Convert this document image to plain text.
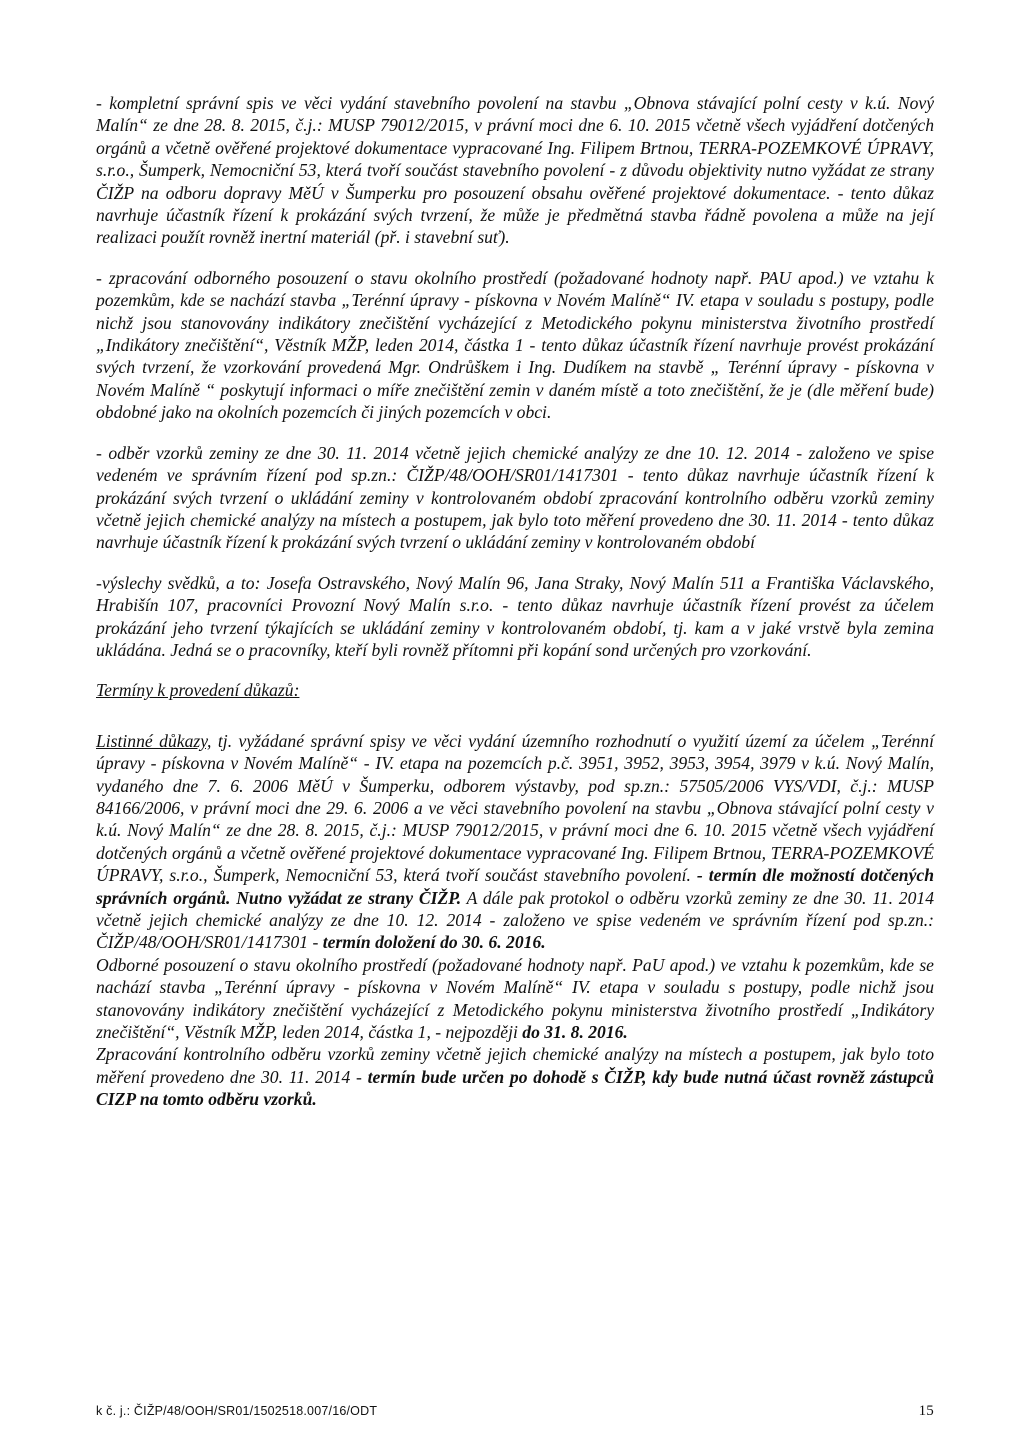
- kompletní správní spis ve věci vydání stavebního povolení na stavbu „Obnova stávající polní cesty v k.ú. Nový Malín“ ze dne 28. 8. 2015, č.j.: MUSP 79012/2015, v právní moci dne 6. 10. 2015 včetně všech vyjádření dotčených orgánů a včetně ověřené projektové dokumentace vypracované Ing. Filipem Brtnou, TERRA-POZEMKOVÉ ÚPRAVY, s.r.o., Šumperk, Nemocniční 53, která tvoří součást stavebního povolení - z důvodu objektivity nutno vyžádat ze strany ČIŽP na odboru dopravy MěÚ v Šumperku pro posouzení obsahu ověřené projektové dokumentace. - tento důkaz navrhuje účastník řízení k prokázání svých tvrzení, že může je předmětná stavba řádně povolena a může na její realizaci použít rovněž inertní materiál (př. i stavební suť).

- zpracování odborného posouzení o stavu okolního prostředí (požadované hodnoty např. PAU apod.) ve vztahu k pozemkům, kde se nachází stavba „Terénní úpravy - pískovna v Novém Malíně“ IV. etapa v souladu s postupy, podle nichž jsou stanovovány indikátory znečištění vycházející z Metodického pokynu ministerstva životního prostředí „Indikátory znečištění“, Věstník MŽP, leden 2014, částka 1 - tento důkaz účastník řízení navrhuje provést prokázání svých tvrzení, že vzorkování provedená Mgr. Ondrůškem i Ing. Dudíkem na stavbě „ Terénní úpravy - pískovna v Novém Malíně “ poskytují informaci o míře znečištění zemin v daném místě a toto znečištění, že je (dle měření bude) obdobné jako na okolních pozemcích či jiných pozemcích v obci.

- odběr vzorků zeminy ze dne 30. 11. 2014 včetně jejich chemické analýzy ze dne 10. 12. 2014 - založeno ve spise vedeném ve správním řízení pod sp.zn.: ČIŽP/48/OOH/SR01/1417301 - tento důkaz navrhuje účastník řízení k prokázání svých tvrzení o ukládání zeminy v kontrolovaném období zpracování kontrolního odběru vzorků zeminy včetně jejich chemické analýzy na místech a postupem, jak bylo toto měření provedeno dne 30. 11. 2014 - tento důkaz navrhuje účastník řízení k prokázání svých tvrzení o ukládání zeminy v kontrolovaném období

-výslechy svědků, a to: Josefa Ostravského, Nový Malín 96, Jana Straky, Nový Malín 511 a Františka Václavského, Hrabišín 107, pracovníci Provozní Nový Malín s.r.o. - tento důkaz navrhuje účastník řízení provést za účelem prokázání jeho tvrzení týkajících se ukládání zeminy v kontrolovaném období, tj. kam a v jaké vrstvě byla zemina ukládána. Jedná se o pracovníky, kteří byli rovněž přítomni při kopání sond určených pro vzorkování.

Termíny k provedení důkazů:

Listinné důkazy, tj. vyžádané správní spisy ve věci vydání územního rozhodnutí o využití území za účelem „Terénní úpravy - pískovna v Novém Malíně“ - IV. etapa na pozemcích p.č. 3951, 3952, 3953, 3954, 3979 v k.ú. Nový Malín, vydaného dne 7. 6. 2006 MěÚ v Šumperku, odborem výstavby, pod sp.zn.: 57505/2006 VYS/VDI, č.j.: MUSP 84166/2006, v právní moci dne 29. 6. 2006 a ve věci stavebního povolení na stavbu „Obnova stávající polní cesty v k.ú. Nový Malín“ ze dne 28. 8. 2015, č.j.: MUSP 79012/2015, v právní moci dne 6. 10. 2015 včetně všech vyjádření dotčených orgánů a včetně ověřené projektové dokumentace vypracované Ing. Filipem Brtnou, TERRA-POZEMKOVÉ ÚPRAVY, s.r.o., Šumperk, Nemocniční 53, která tvoří součást stavebního povolení. - termín dle možností dotčených správních orgánů. Nutno vyžádat ze strany ČIŽP. A dále pak protokol o odběru vzorků zeminy ze dne 30. 11. 2014 včetně jejich chemické analýzy ze dne 10. 12. 2014 - založeno ve spise vedeném ve správním řízení pod sp.zn.: ČIŽP/48/OOH/SR01/1417301 - termín doložení do 30. 6. 2016.

Odborné posouzení o stavu okolního prostředí (požadované hodnoty např. PaU apod.) ve vztahu k pozemkům, kde se nachází stavba „Terénní úpravy - pískovna v Novém Malíně“ IV. etapa v souladu s postupy, podle nichž jsou stanovovány indikátory znečištění vycházející z Metodického pokynu ministerstva životního prostředí „Indikátory znečištění“, Věstník MŽP, leden 2014, částka 1, - nejpozději do 31. 8. 2016.

Zpracování kontrolního odběru vzorků zeminy včetně jejich chemické analýzy na místech a postupem, jak bylo toto měření provedeno dne 30. 11. 2014 - termín bude určen po dohodě s ČIŽP, kdy bude nutná účast rovněž zástupců CIZP na tomto odběru vzorků.

k č. j.: ČIŽP/48/OOH/SR01/1502518.007/16/ODT	15
